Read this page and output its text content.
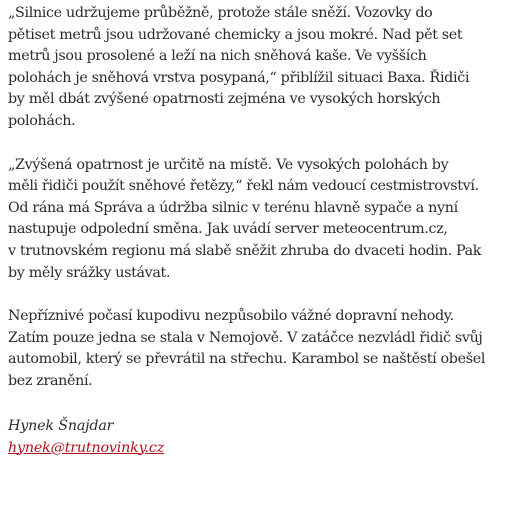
„Silnice udržujeme průběžně, protože stále sněží. Vozovky do
pětiset metrů jsou udržované chemicky a jsou mokré. Nad pět set
metrů jsou prosolené a leží na nich sněhová kaše. Ve vyšších
polohách je sněhová vrstva posypaná,“ přiblížil situaci Baxa. Řidiči
by měl dbát zvýšené opatrnosti zejména ve vysokých horských
polohách.

„Zvýšená opatrnost je určitě na místě. Ve vysokých polohách by
měli řidiči použít sněhové řetězy,“ řekl nám vedoucí cestmistrovství.
Od rána má Správa a údržba silnic v terénu hlavně sypače a nyní
nastupuje odpolední směna. Jak uvádí server meteocentrum.cz,
v trutnovském regionu má slabě sněžit zhruba do dvaceti hodin. Pak
by měly srážky ustávat.

Nepříznivé počasí kupodivu nezpůsobilo vážné dopravní nehody.
Zatím pouze jedna se stala v Nemojově. V zatáčce nezvládl řidič svůj
automobil, který se převrátil na střechu. Karambol se naštěstí obešel
bez zranění.

Hynek Šnajdar
hynek@trutnovinky.cz
